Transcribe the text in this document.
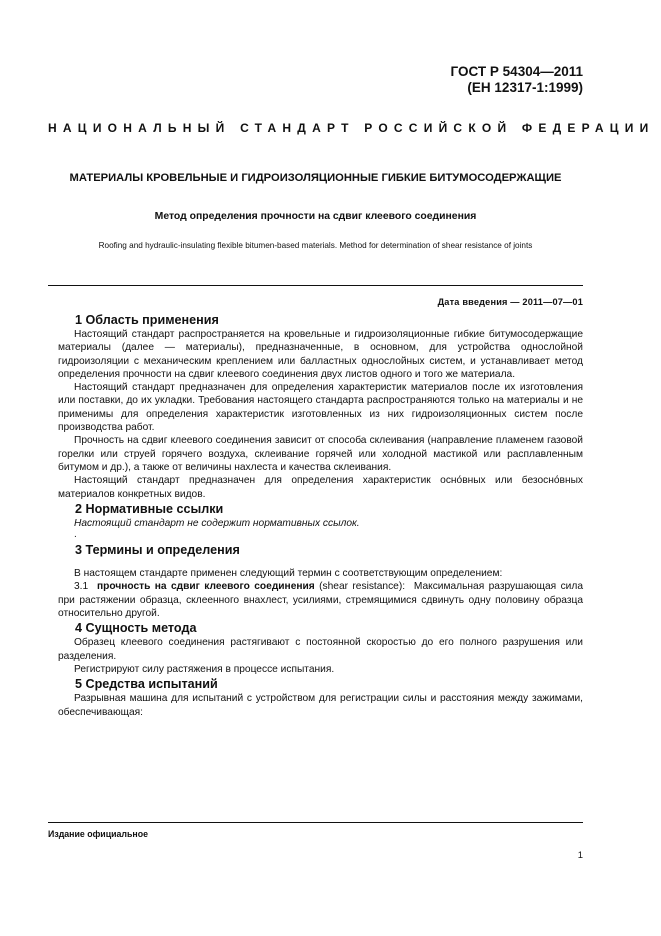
ГОСТ Р 54304—2011
(ЕН 12317-1:1999)
НАЦИОНАЛЬНЫЙ СТАНДАРТ РОССИЙСКОЙ ФЕДЕРАЦИИ
МАТЕРИАЛЫ КРОВЕЛЬНЫЕ И ГИДРОИЗОЛЯЦИОННЫЕ ГИБКИЕ БИТУМОСОДЕРЖАЩИЕ
Метод определения прочности на сдвиг клеевого соединения
Roofing and hydraulic-insulating flexible bitumen-based materials. Method for determination of shear resistance of joints
Дата введения — 2011—07—01
1 Область применения

Настоящий стандарт распространяется на кровельные и гидроизоляционные гибкие битумосодержащие материалы (далее — материалы), предназначенные, в основном, для устройства однослойной гидроизоляции с механическим креплением или балластных однослойных систем, и устанавливает метод определения прочности на сдвиг клеевого соединения двух листов одного и того же материала.

Настоящий стандарт предназначен для определения характеристик материалов после их изготовления или поставки, до их укладки. Требования настоящего стандарта распространяются только на материалы и не применимы для определения характеристик изготовленных из них гидроизоляционных систем после производства работ.

Прочность на сдвиг клеевого соединения зависит от способа склеивания (направление пламенем газовой горелки или струей горячего воздуха, склеивание горячей или холодной мастикой или расплавленным битумом и др.), а также от величины нахлеста и качества склеивания.

Настоящий стандарт предназначен для определения характеристик осно́вных или безосно́вных материалов конкретных видов.

2 Нормативные ссылки

Настоящий стандарт не содержит нормативных ссылок.

.
3 Термины и определения

В настоящем стандарте применен следующий термин с соответствующим определением:

3.1 прочность на сдвиг клеевого соединения (shear resistance): Максимальная разрушающая сила при растяжении образца, склеенного внахлест, усилиями, стремящимися сдвинуть одну половину образца относительно другой.

4 Сущность метода

Образец клеевого соединения растягивают с постоянной скоростью до его полного разрушения или разделения.

Регистрируют силу растяжения в процессе испытания.

5 Средства испытаний

Разрывная машина для испытаний с устройством для регистрации силы и расстояния между зажимами, обеспечивающая:

Издание официальное
1
